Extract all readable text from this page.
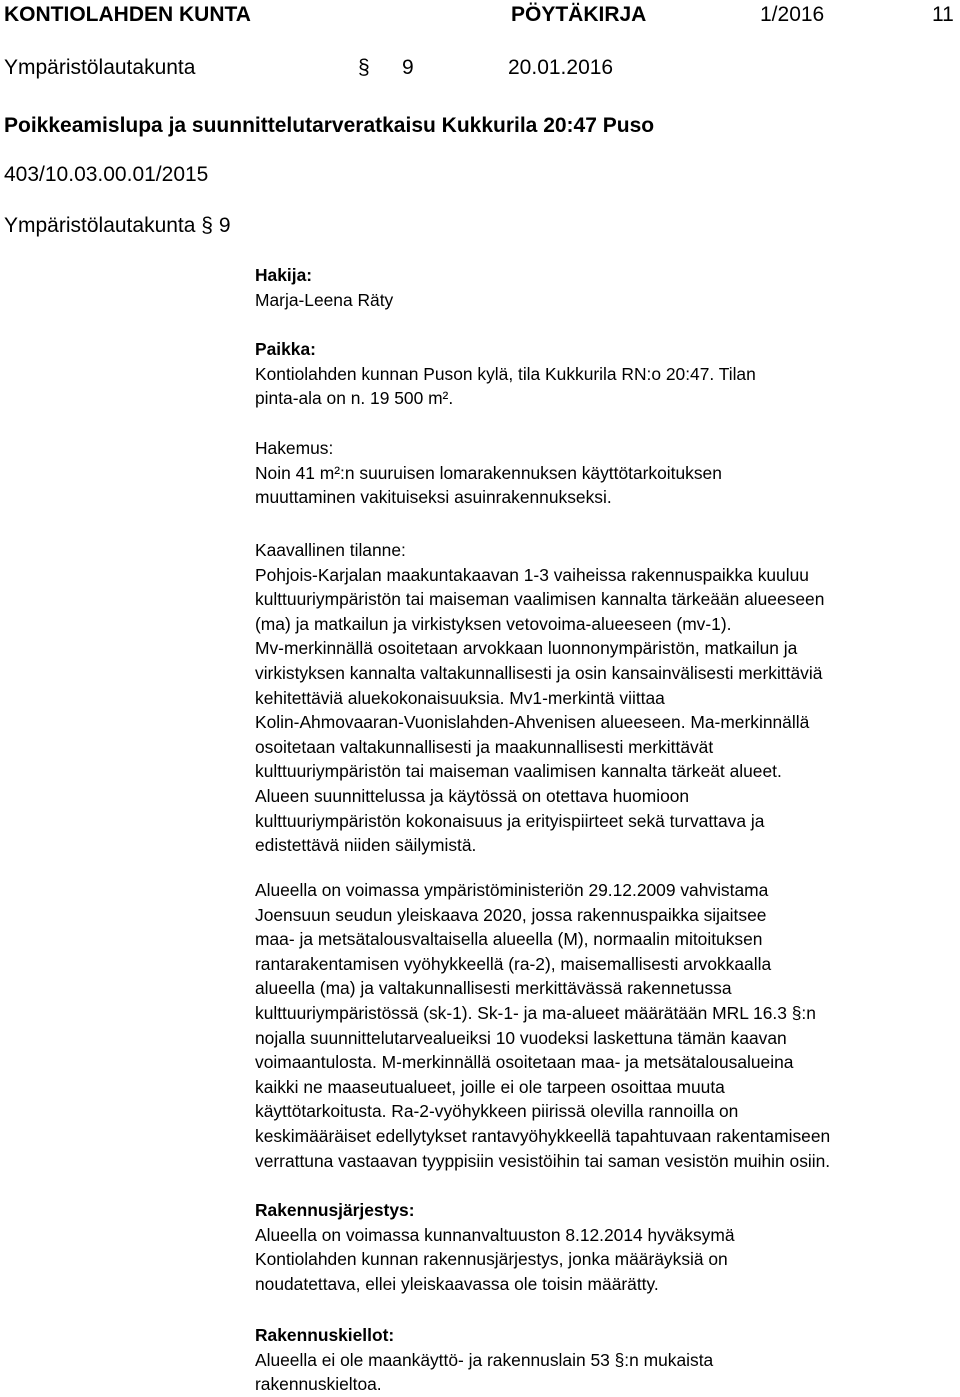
KONTIOLAHDEN KUNTA	PÖYTÄKIRJA	1/2016	11
Ympäristölautakunta	§ 9	20.01.2016
Poikkeamislupa ja suunnittelutarveratkaisu Kukkurila 20:47 Puso
403/10.03.00.01/2015
Ympäristölautakunta § 9
Hakija:
Marja-Leena Räty
Paikka:
Kontiolahden kunnan Puson kylä, tila Kukkurila RN:o 20:47. Tilan
pinta-ala on n. 19 500 m².
Hakemus:
Noin 41 m²:n suuruisen lomarakennuksen käyttötarkoituksen
muuttaminen vakituiseksi asuinrakennukseksi.
Kaavallinen tilanne:
Pohjois-Karjalan maakuntakaavan 1-3 vaiheissa rakennuspaikka kuuluu
kulttuuriympäristön tai maiseman vaalimisen kannalta tärkeään alueeseen
(ma) ja matkailun ja virkistyksen vetovoima-alueeseen (mv-1).
Mv-merkinnällä osoitetaan arvokkaan luonnonympäristön, matkailun ja
virkistyksen kannalta valtakunnallisesti ja osin kansainvälisesti merkittäviä
kehitettäviä aluekokonaisuuksia. Mv1-merkintä viittaa
Kolin-Ahmovaaran-Vuonislahden-Ahvenisen alueeseen. Ma-merkinnällä
osoitetaan valtakunnallisesti ja maakunnallisesti merkittävät
kulttuuriympäristön tai maiseman vaalimisen kannalta tärkeät alueet.
Alueen suunnittelussa ja käytössä on otettava huomioon
kulttuuriympäristön kokonaisuus ja erityispiirteet sekä turvattava ja
edistettävä niiden säilymistä.
Alueella on voimassa ympäristöministeriön 29.12.2009 vahvistama
Joensuun seudun yleiskaava 2020, jossa rakennuspaikka sijaitsee
maa- ja metsätalousvaltaisella alueella (M), normaalin mitoituksen
rantarakentamisen vyöhykkeellä (ra-2), maisemallisesti arvokkaalla
alueella (ma) ja valtakunnallisesti merkittävässä rakennetussa
kulttuuriympäristössä (sk-1). Sk-1- ja ma-alueet määrätään MRL 16.3 §:n
nojalla suunnittelutarvealueiksi 10 vuodeksi laskettuna tämän kaavan
voimaantulosta. M-merkinnällä osoitetaan maa- ja metsätalousalueina
kaikki ne maaseutualueet, joille ei ole tarpeen osoittaa muuta
käyttötarkoitusta. Ra-2-vyöhykkeen piirissä olevilla rannoilla on
keskimääräiset edellytykset rantavyöhykkeellä tapahtuvaan rakentamiseen
verrattuna vastaavan tyyppisiin vesistöihin tai saman vesistön muihin osiin.
Rakennusjärjestys:
Alueella on voimassa kunnanvaltuuston 8.12.2014 hyväksymä
Kontiolahden kunnan rakennusjärjestys, jonka määräyksiä on
noudatettava, ellei yleiskaavassa ole toisin määrätty.
Rakennuskiellot:
Alueella ei ole maankäyttö- ja rakennuslain 53 §:n mukaista
rakennuskieltoa.
